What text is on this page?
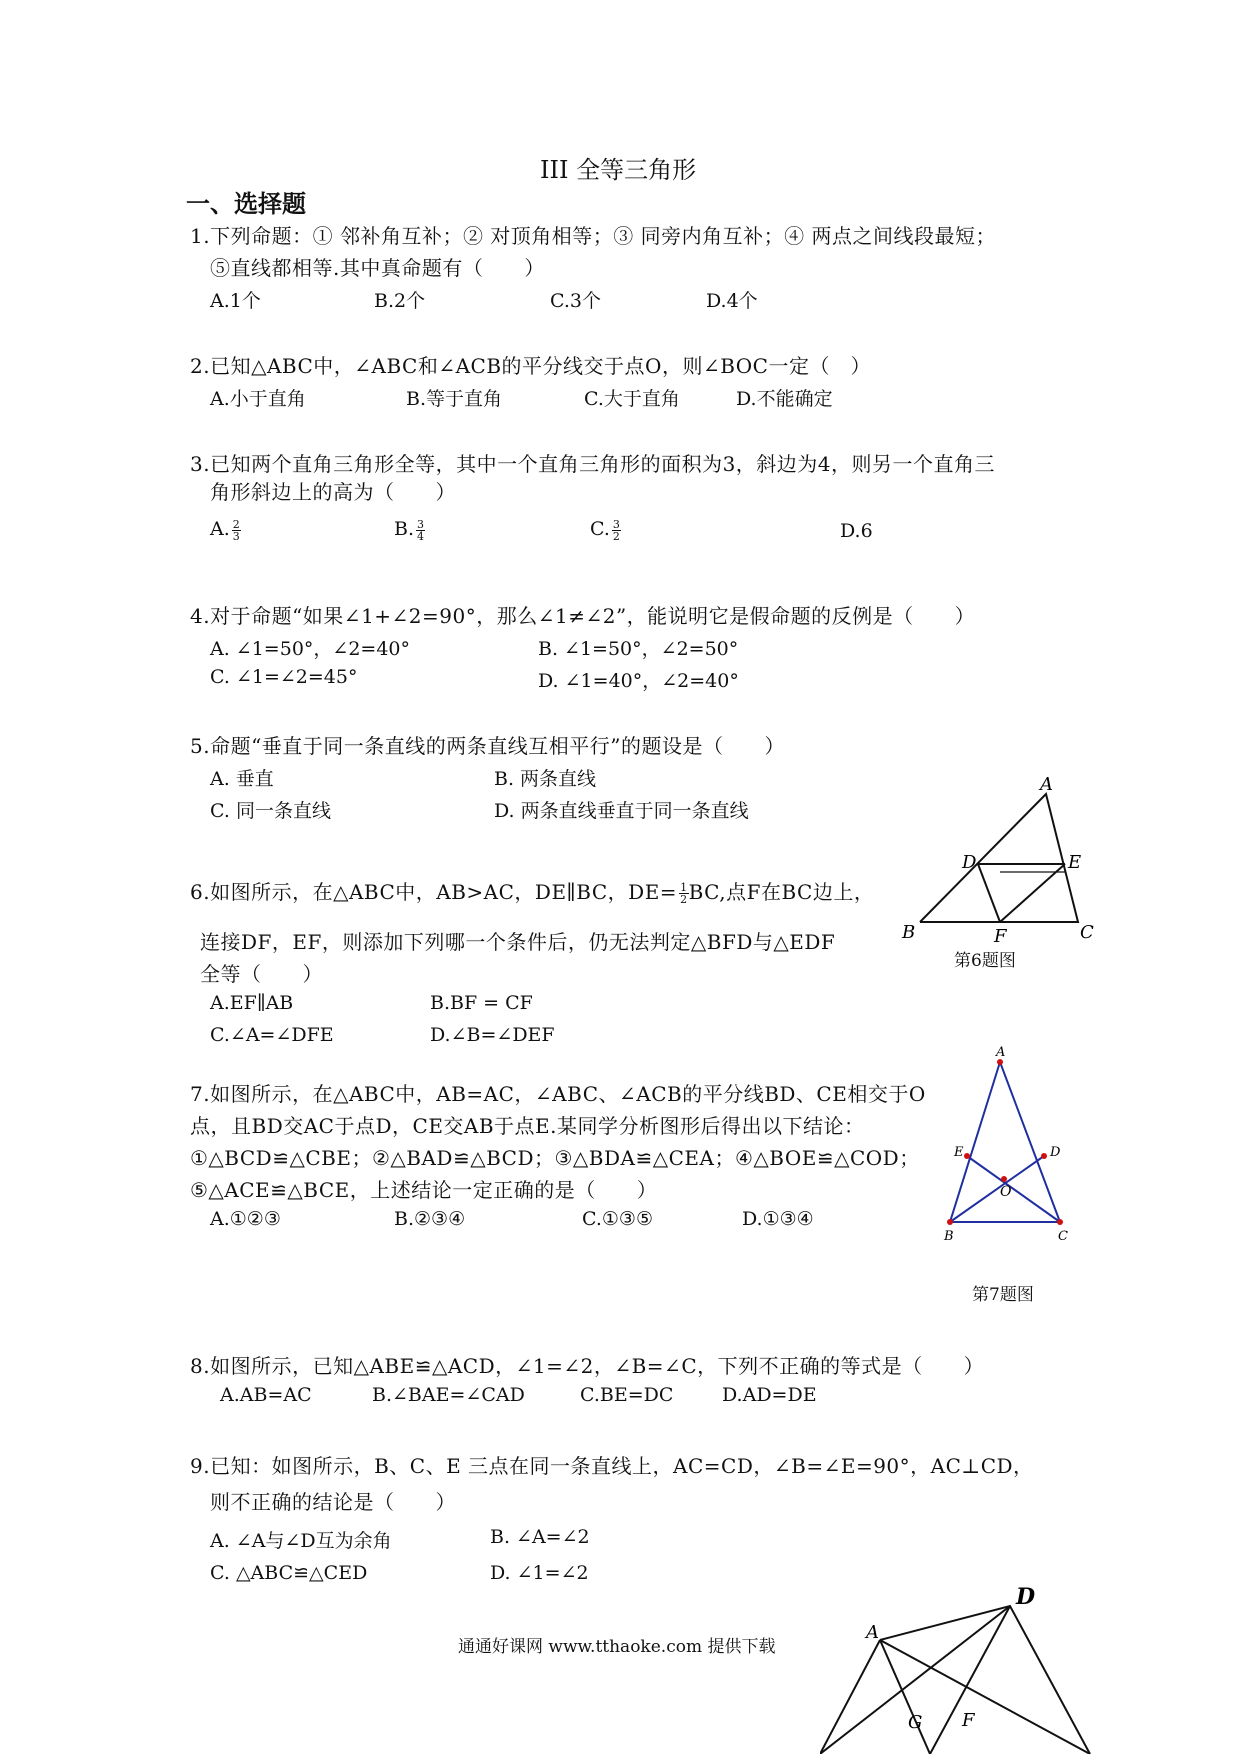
III 全等三角形
一、选择题
1.下列命题：① 邻补角互补；② 对顶角相等；③ 同旁内角互补；④ 两点之间线段最短；
⑤直线都相等.其中真命题有（　　）
A.1个	B.2个	C.3个	D.4个
2.已知△ABC中，∠ABC和∠ACB的平分线交于点O，则∠BOC一定（　）
A.小于直角	B.等于直角	C.大于直角	D.不能确定
3.已知两个直角三角形全等，其中一个直角三角形的面积为3，斜边为4，则另一个直角三
角形斜边上的高为（　　）
A. $\frac{2}{3}$	B. $\frac{3}{4}$	C. $\frac{3}{2}$	D.6
4.对于命题“如果∠1+∠2=90°，那么∠1≠∠2”，能说明它是假命题的反例是（　　）
A. ∠1=50°，∠2=40°	B. ∠1=50°，∠2=50°
C. ∠1=∠2=45°	D. ∠1=40°，∠2=40°
5.命题“垂直于同一条直线的两条直线互相平行”的题设是（　　）
A. 垂直	B. 两条直线
C. 同一条直线	D. 两条直线垂直于同一条直线
6.如图所示，在△ABC中，AB>AC，DE∥BC，$DE= \frac{1}{2}$ BC,点F在BC边上，
连接DF，EF，则添加下列哪一个条件后，仍无法判定△BFD与△EDF
全等（　　）
A.EF∥AB	B.BF = CF
C.∠A=∠DFE	D.∠B=∠DEF
A
D	E
B	F	C
第6题图
7.如图所示，在△ABC中，AB=AC，∠ABC、∠ACB的平分线BD、CE相交于O
点，且BD交AC于点D，CE交AB于点E.某同学分析图形后得出以下结论：
①△BCD≌△CBE；②△BAD≌△BCD；③△BDA≌△CEA；④△BOE≌△COD；
⑤△ACE≌△BCE，上述结论一定正确的是（　　）
A.①②③	B.②③④	C.①③⑤	D.①③④
A
E	D
O
B	C
第7题图
8.如图所示，已知△ABE≌△ACD，∠1=∠2，∠B=∠C，下列不正确的等式是（　　）
A.AB=AC	B.∠BAE=∠CAD	C.BE=DC	D.AD=DE
9.已知：如图所示，B、C、E 三点在同一条直线上，AC=CD，∠B=∠E=90°，AC⊥CD，
则不正确的结论是（　　）
A. ∠A与∠D互为余角	B. ∠A=∠2
C. △ABC≌△CED	D. ∠1=∠2
通通好课网 www.tthaoke.com 提供下载
D
A
G F
